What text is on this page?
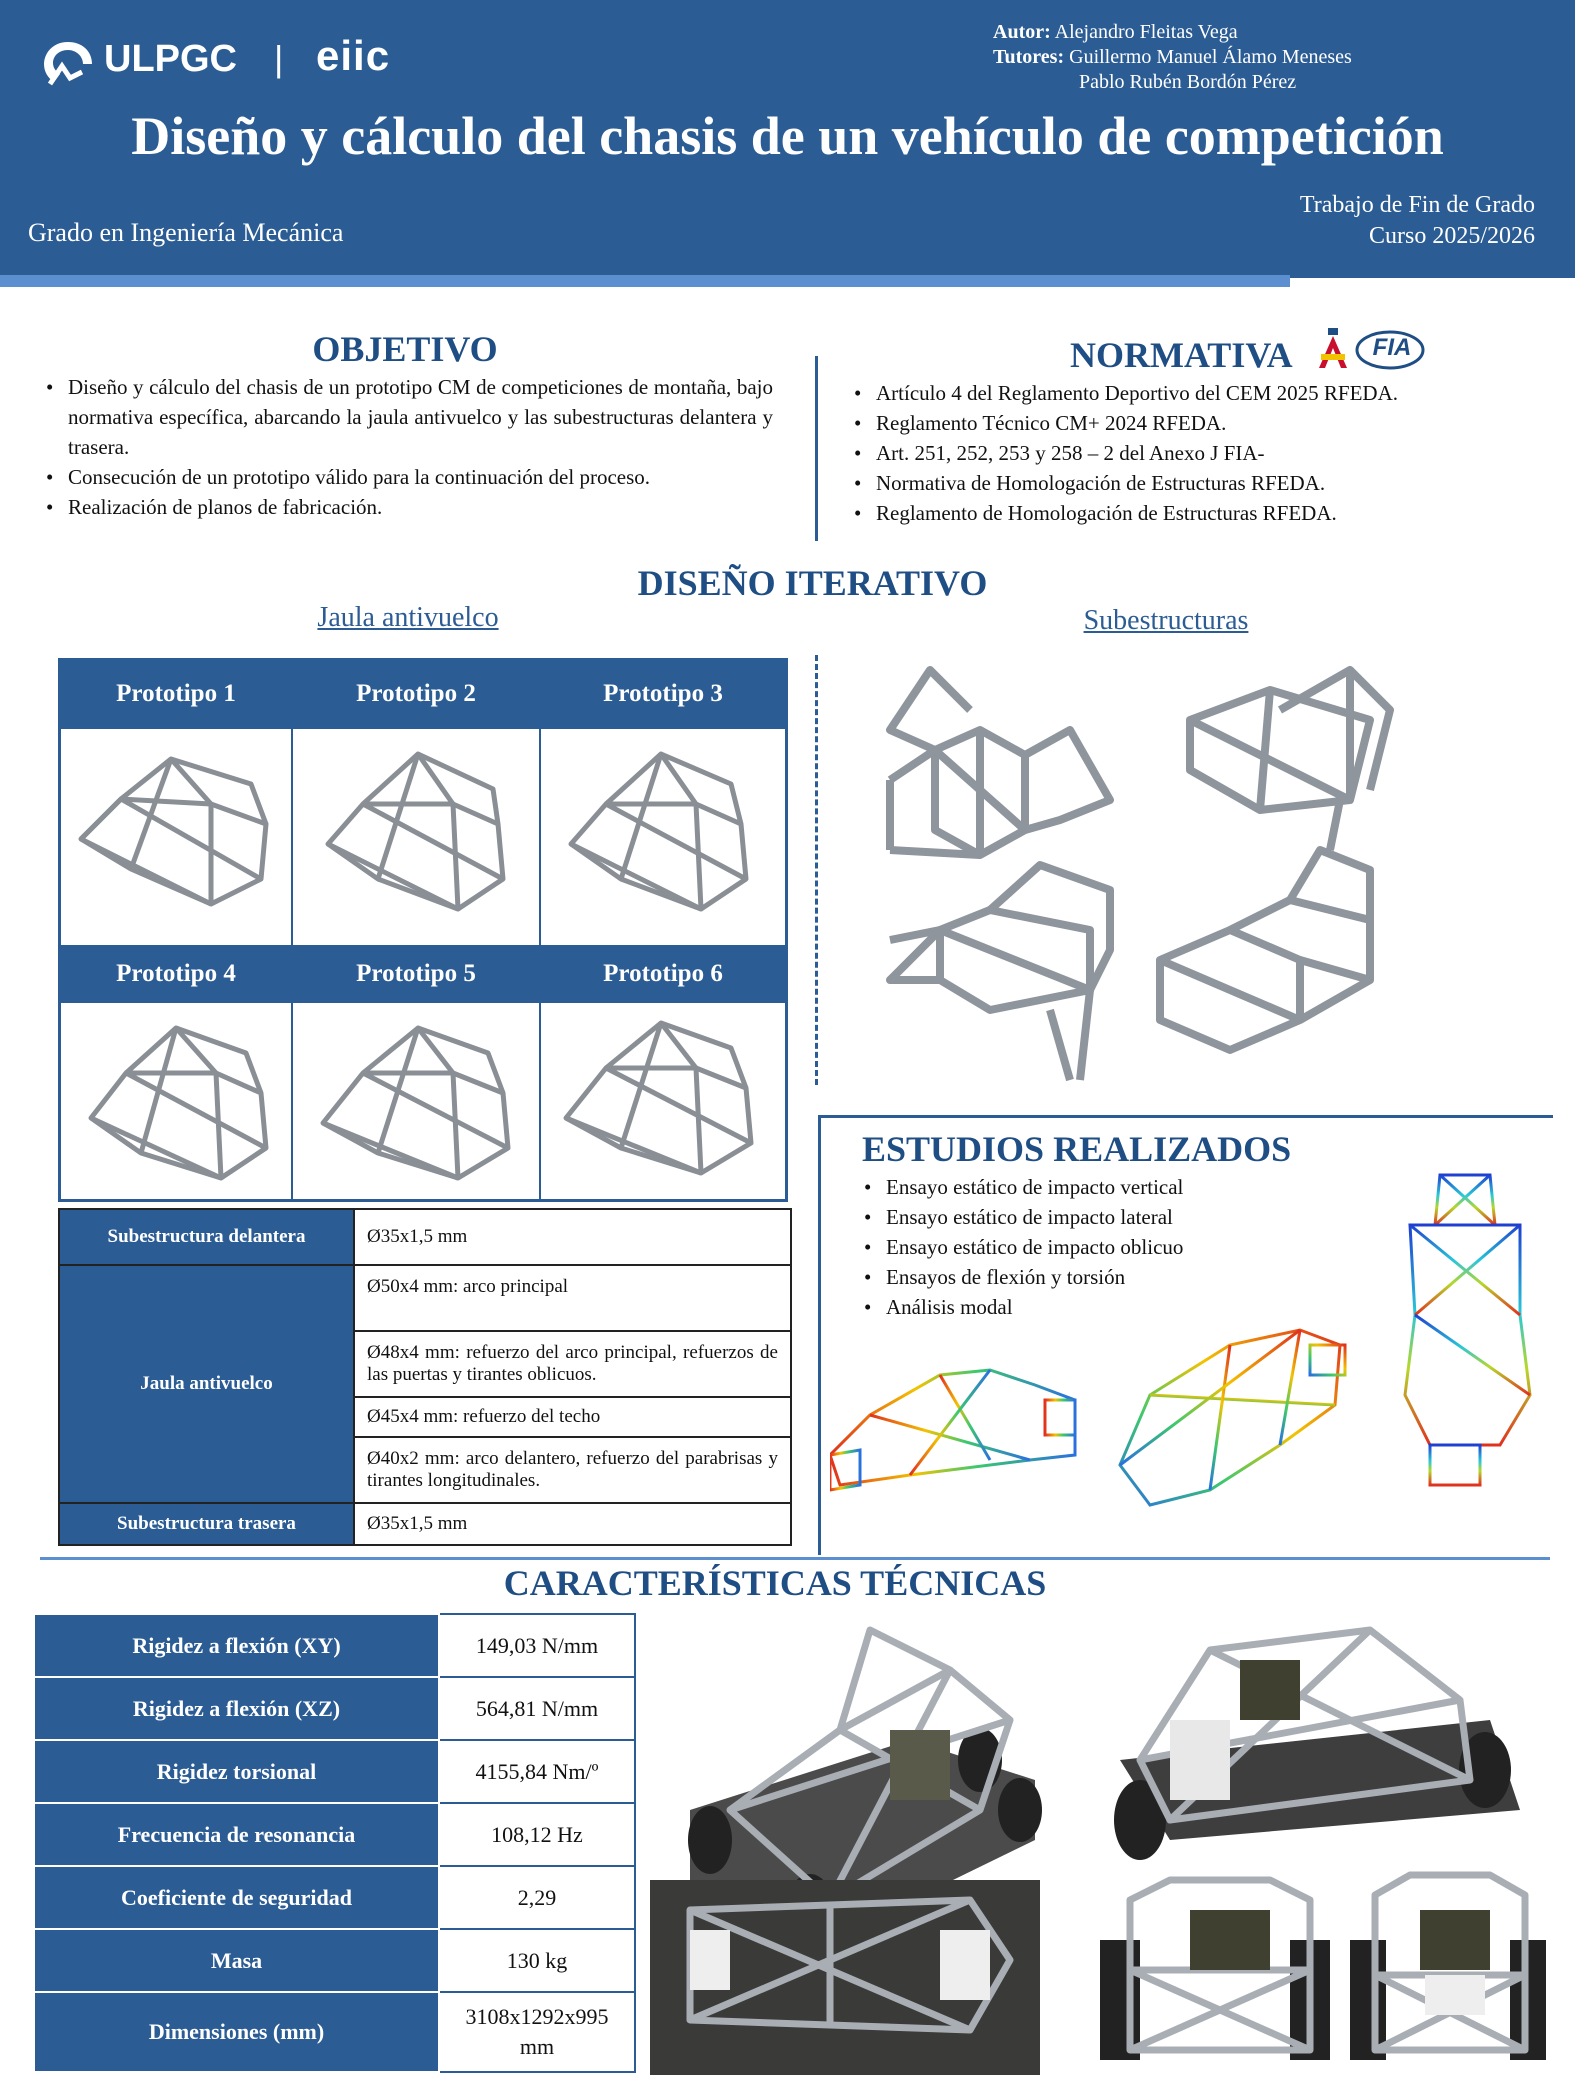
ULPGC | eiic	Autor: Alejandro Fleitas Vega
Tutores: Guillermo Manuel Álamo Meneses
Pablo Rubén Bordón Pérez
Diseño y cálculo del chasis de un vehículo de competición
Grado en Ingeniería Mecánica
Trabajo de Fin de Grado
Curso 2025/2026
OBJETIVO
• Diseño y cálculo del chasis de un prototipo CM de competiciones de montaña, bajo normativa específica, abarcando la jaula antivuelco y las subestructuras delantera y trasera.
• Consecución de un prototipo válido para la continuación del proceso.
• Realización de planos de fabricación.
NORMATIVA	FIA
• Artículo 4 del Reglamento Deportivo del CEM 2025 RFEDA.
• Reglamento Técnico CM+ 2024 RFEDA.
• Art. 251, 252, 253 y 258 – 2 del Anexo J FIA-
• Normativa de Homologación de Estructuras RFEDA.
• Reglamento de Homologación de Estructuras RFEDA.
DISEÑO ITERATIVO
Jaula antivuelco	Subestructuras
Prototipo 1	Prototipo 2	Prototipo 3
Prototipo 4	Prototipo 5	Prototipo 6
Subestructura delantera	Ø35x1,5 mm
Jaula antivuelco	Ø50x4 mm: arco principal
	Ø48x4 mm: refuerzo del arco principal, refuerzos de las puertas y tirantes oblicuos.
	Ø45x4 mm: refuerzo del techo
	Ø40x2 mm: arco delantero, refuerzo del parabrisas y tirantes longitudinales.
Subestructura trasera	Ø35x1,5 mm
ESTUDIOS REALIZADOS
• Ensayo estático de impacto vertical
• Ensayo estático de impacto lateral
• Ensayo estático de impacto oblicuo
• Ensayos de flexión y torsión
• Análisis modal
CARACTERÍSTICAS TÉCNICAS
Rigidez a flexión (XY)	149,03 N/mm
Rigidez a flexión (XZ)	564,81 N/mm
Rigidez torsional	4155,84 Nm/º
Frecuencia de resonancia	108,12 Hz
Coeficiente de seguridad	2,29
Masa	130 kg
Dimensiones (mm)	3108x1292x995 mm
